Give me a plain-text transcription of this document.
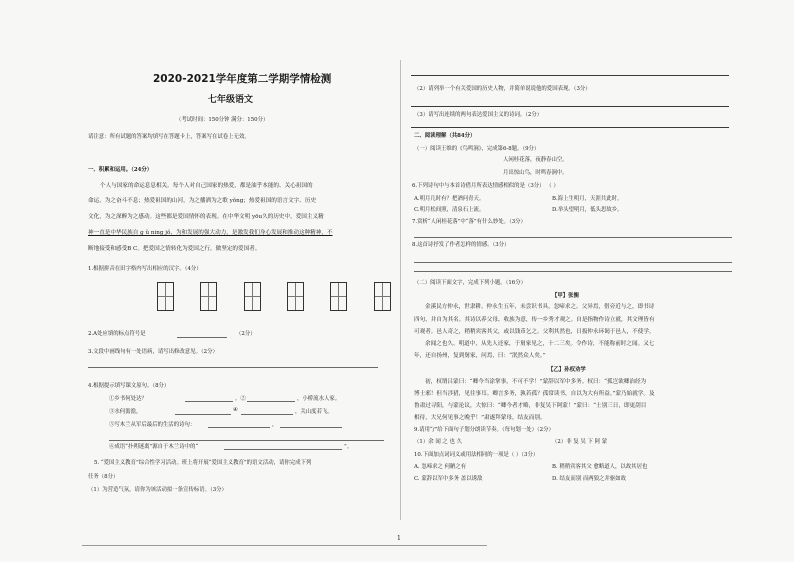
2020-2021学年度第二学期学情检测
七年级语文
（考试时间：150分钟 满分：150分）
请注意：所有试题的答案均填写在答题卡上，答案写在试卷上无效。
一、积累和运用。（24分）
个人与国家的命运息息相关。每个人对自己国家的热爱，都是油乎本能的、关心祖国的
命运，为之奋斗不息；热爱祖国的山河，为之播洒为之歌 yǒng；热爱祖国的语言文字、历史
文化，为之深醉为之感动。这些都是爱国情怀的表现。在中华文明 yōu久的历史中，爱国主义精
神一直是中华民族自 ɡ ǔ ning jǒ，为和发展的强大动力，是激发我们身心发展和推动这种精神，不
断地接受和感受B C。把爱国之情转化为爱国之行，做坚定的爱国者。
1.根据拼音在田字格内写出相应的汉字。（4分）
2.A处应填的标点符号是	（2分）
3.文段中画线句有一处语病，请写出修改意见。（2分）
4.根据提示填写课文原句。（8分）
①乡书何处达？	。②	，小桥流水人家。
③水何澹澹，	④	，关山度若飞。
⑤写木兰从军后最后的生活的诗句：	，
⑥成语“扑朔迷离”源自于木兰诗中的“	”。
5. “爱国主义教育”综合性学习活动。班上将开展“爱国主义教育”的语文活动，请你完成下列
任务（8分）
（1）为营造气氛，请你为该活动拟一条宣传标语。（3分）
1
（2）请列举一个有关爱国的历史人物，并简单说说他的爱国表现。（3分）
（3）请写出连续的两句表达爱国主义的诗词。（2分）
二、阅读理解（共84分）
（一）阅读王维的《鸟鸣涧》，完成第6-8题。（9分）
人闲桂花落，夜静春山空。
月出惊山鸟，时鸣春涧中。
6.下列诗句中与本首诗借月所表达情感相似的是（3分） （ ）
A.明月几时有？把酒问青天。	B.海上生明月，天涯共此时。
C.明月松间照，清泉石上流。	D.举头望明月，低头思故乡。
7.赏析“人闲桂花落”中“落”有什么妙处。（3分）
8.这首诗抒发了作者怎样的情感。（3分）
（二）阅读下面文字，完成下列小题。（16分）
【甲】张衡
金溪民方仲永，世隶耕。仲永生五年，未尝识书具，忽啼求之。父异焉，借旁近与之，即书诗
四句，并自为其名。其诗以养父母、收族为意，传一乡秀才观之。自是指物作诗立就，其文理皆有
可观者。邑人奇之，稍稍宾客其父，或以钱币乞之。父利其然也，日扳仲永环谒于邑人，不使学。
余闻之也久。明道中，从先人还家，于舅家见之，十二三矣。令作诗，不能称前时之闻。又七
年，还自扬州，复到舅家，问焉，曰：“泯然众人矣。”
【乙】孙权劝学
初，权谓吕蒙曰：“卿今当涂掌事，不可不学！”蒙辞以军中多务。权曰：“孤岂欲卿治经为
博士邪！但当涉猎，见往事耳。卿言多务，孰若孤？孤常读书，自以为大有所益。”蒙乃始就学。及
鲁肃过寻阳，与蒙论议，大惊曰：“卿今者才略，非复吴下阿蒙！”蒙曰：“士别三日，即更刮目
相待，大兄何见事之晚乎！”肃遂拜蒙母，结友而别。
9.请用“/”给下面句子划分朗读节奏。（每句划一处）（2分）
（1）余 闻 之 也 久	（2）非 复 吴 下 阿 蒙
10.下面加点词词义或用法相同的一项是（ ）（3分）
A. 忽啼求之 何陋之有	B. 稍稍宾客其父 愈略道人，以故其居也
C. 蒙辞以军中多务 盖以诱敌	D. 结友而别 而两狼之并驱如故
